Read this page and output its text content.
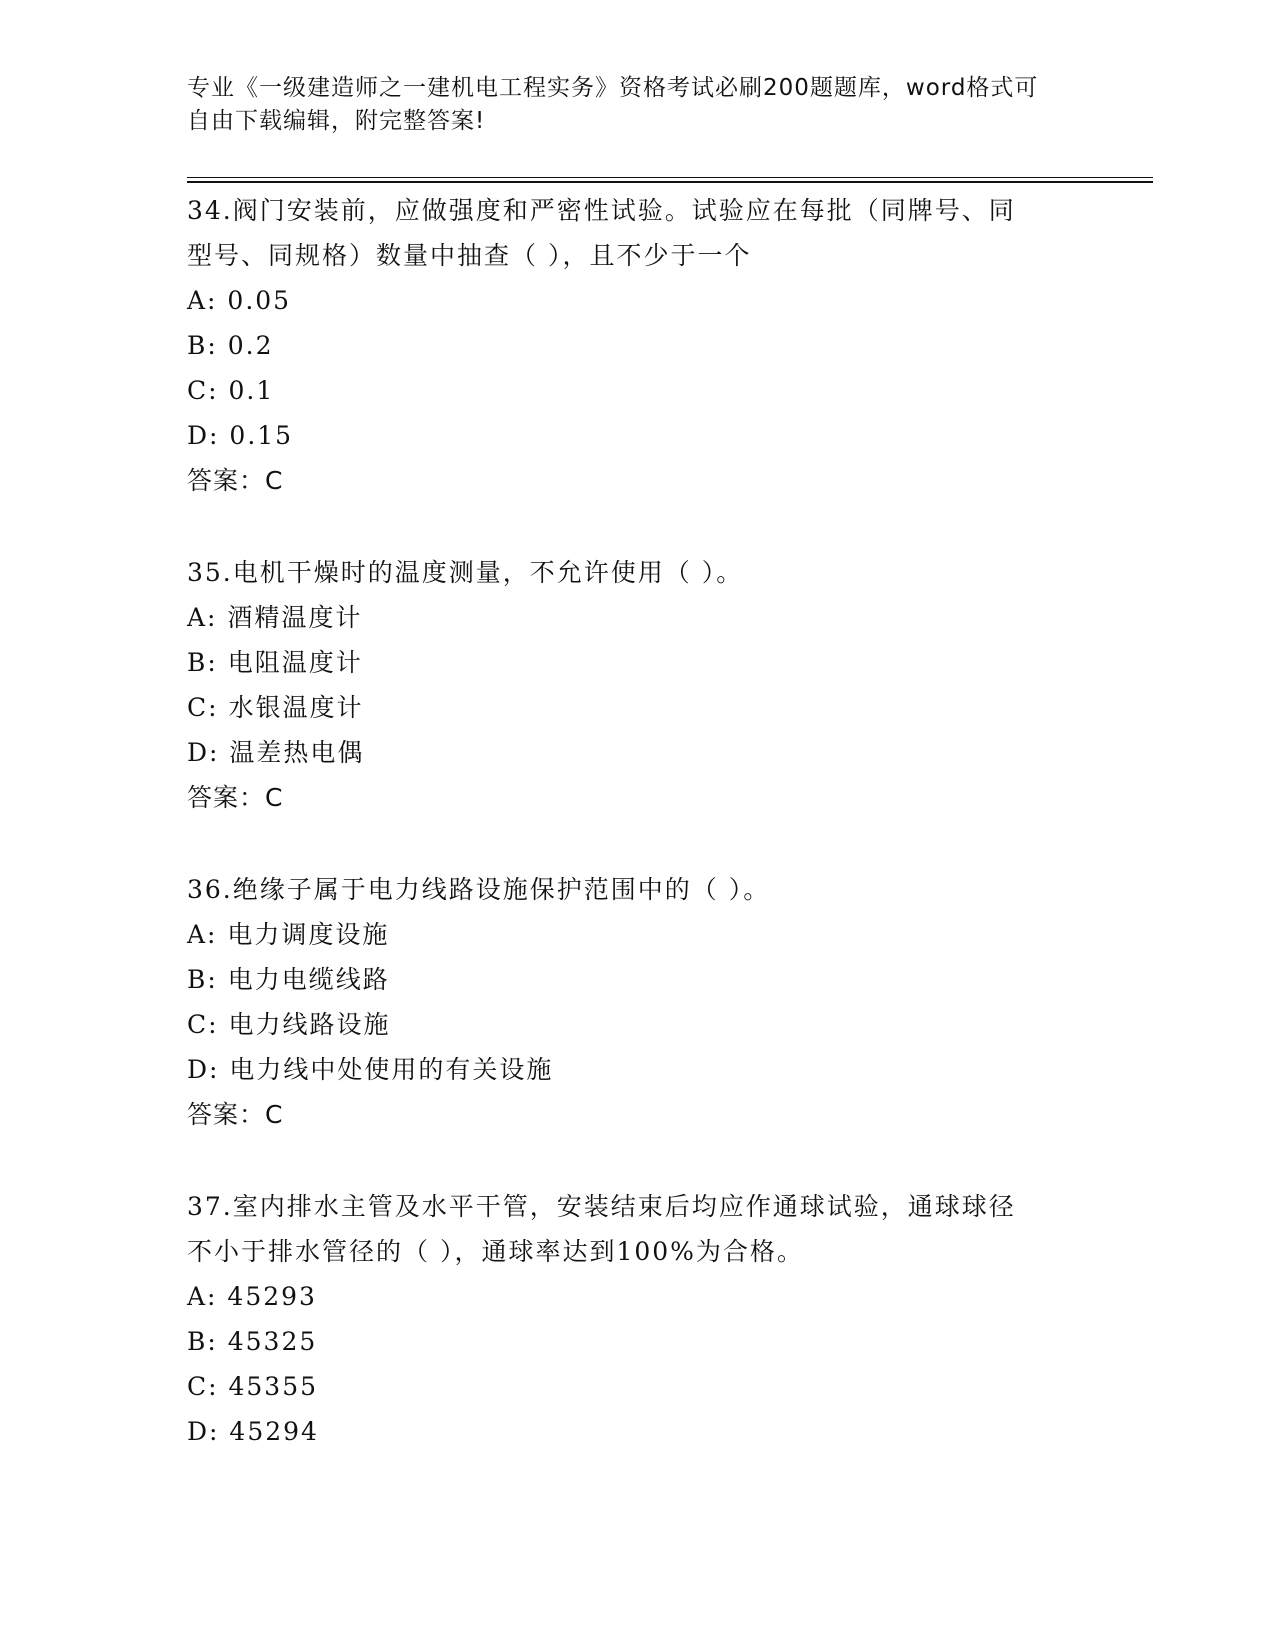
专业《一级建造师之一建机电工程实务》资格考试必刷200题题库，word格式可
自由下载编辑，附完整答案!

34.阀门安装前，应做强度和严密性试验。试验应在每批（同牌号、同
型号、同规格）数量中抽查（ ），且不少于一个

A: 0.05

B: 0.2

C: 0.1

D: 0.15

答案：C

35.电机干燥时的温度测量，不允许使用（ ）。

A: 酒精温度计

B: 电阻温度计

C: 水银温度计

D: 温差热电偶

答案：C

36.绝缘子属于电力线路设施保护范围中的（ ）。

A: 电力调度设施

B: 电力电缆线路

C: 电力线路设施

D: 电力线中处使用的有关设施

答案：C

37.室内排水主管及水平干管，安装结束后均应作通球试验，通球球径
不小于排水管径的（ ），通球率达到100%为合格。

A: 45293

B: 45325

C: 45355

D: 45294
